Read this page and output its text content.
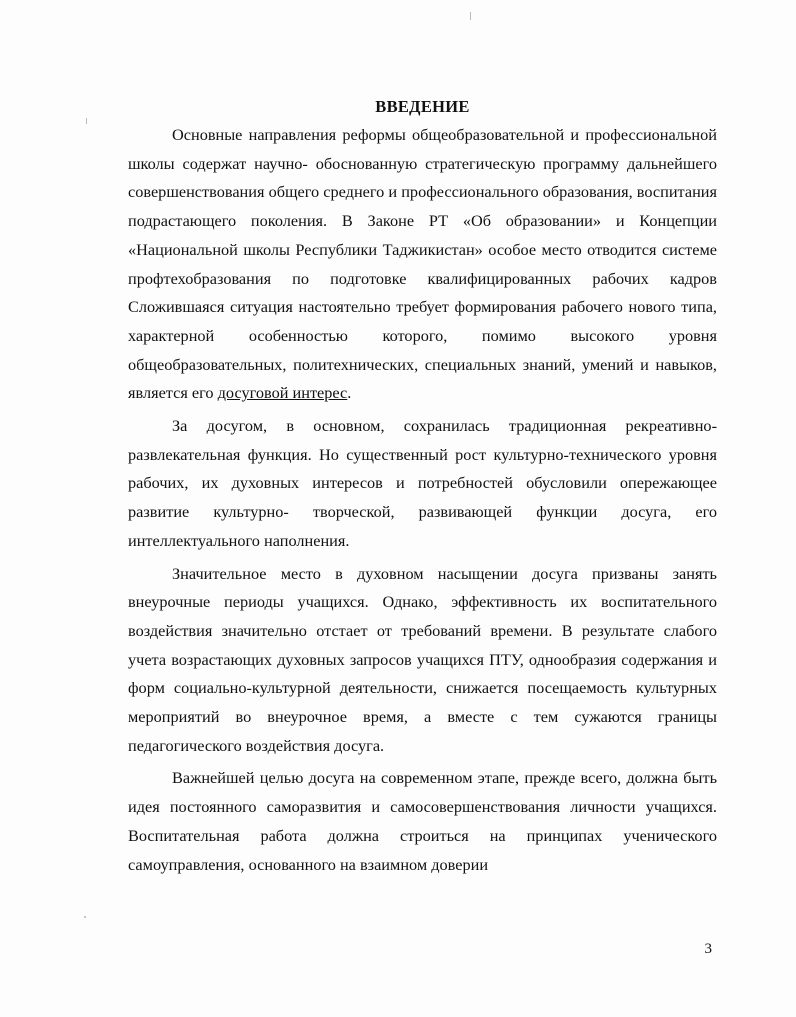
ВВЕДЕНИЕ

Основные направления реформы общеобразовательной и профессиональной школы содержат научно- обоснованную стратегическую программу дальнейшего совершенствования общего среднего и профессионального образования, воспитания подрастающего поколения. В Законе РТ «Об образовании» и Концепции «Национальной школы Республики Таджикистан» особое место отводится системе профтехобразования по подготовке квалифицированных рабочих кадров Сложившаяся ситуация настоятельно требует формирования рабочего нового типа, характерной особенностью которого, помимо высокого уровня общеобразовательных, политехнических, специальных знаний, умений и навыков, является его досуговой интерес.

За досугом, в основном, сохранилась традиционная рекреативно-развлекательная функция. Но существенный рост культурно-технического уровня рабочих, их духовных интересов и потребностей обусловили опережающее развитие культурно- творческой, развивающей функции досуга, его интеллектуального наполнения.

Значительное место в духовном насыщении досуга призваны занять внеурочные периоды учащихся. Однако, эффективность их воспитательного воздействия значительно отстает от требований времени. В результате слабого учета возрастающих духовных запросов учащихся ПТУ, однообразия содержания и форм социально-культурной деятельности, снижается посещаемость культурных мероприятий во внеурочное время, а вместе с тем сужаются границы педагогического воздействия досуга.

Важнейшей целью досуга на современном этапе, прежде всего, должна быть идея постоянного саморазвития и самосовершенствования личности учащихся. Воспитательная работа должна строиться на принципах ученического самоуправления, основанного на взаимном доверии

3
